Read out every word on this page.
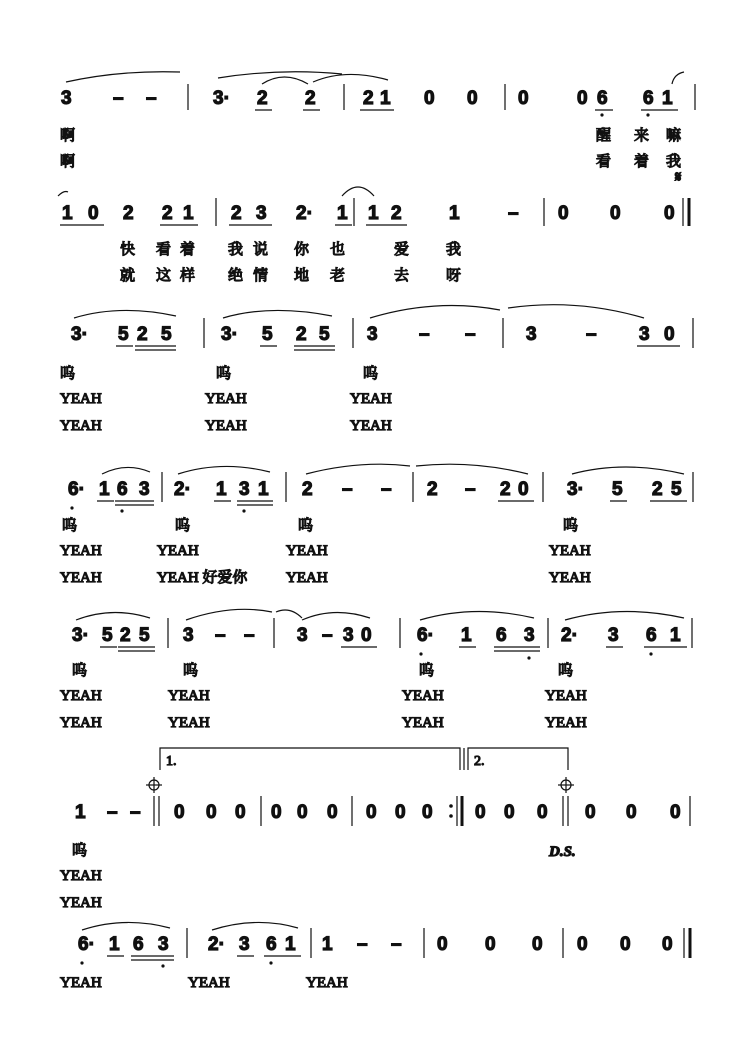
3 – –	3· 2 2 2 1 0 0 0	0 6 6 1
啊	醒 来 嘛
啊	看 着 我
𝄋
1 0 2 2 1 2 3 2· 1 1 2 1	– 0 0 0
快 看 着 我 说 你 也	爱 我
就 这 样 绝 情 地 老	去 呀
3· 5 2 5	3· 5 2 5 3 – –	3	– 3 0
呜	呜	呜
YEAH	YEAH	YEAH
YEAH	YEAH	YEAH
6· 1 6 3 2· 1 3 1 2 – – 2 – 2 0 3· 5 2 5
呜	呜	呜	呜
YEAH	YEAH	YEAH	YEAH
YEAH	YEAH 好爱你	YEAH	YEAH
3· 5 2 5 3 – – 3 – 3 0 6· 1 6 3 2· 3 6 1
呜	呜	呜	呜
YEAH	YEAH	YEAH	YEAH
YEAH	YEAH	YEAH	YEAH
1.	2.
1 – – 0 0 0 0 0 0 0 0 0 0 0 0 0 0 0
D.S.
呜
YEAH
YEAH
6· 1 6 3 2· 3 6 1 1 – – 0 0 0 0 0 0
YEAH	YEAH	YEAH
